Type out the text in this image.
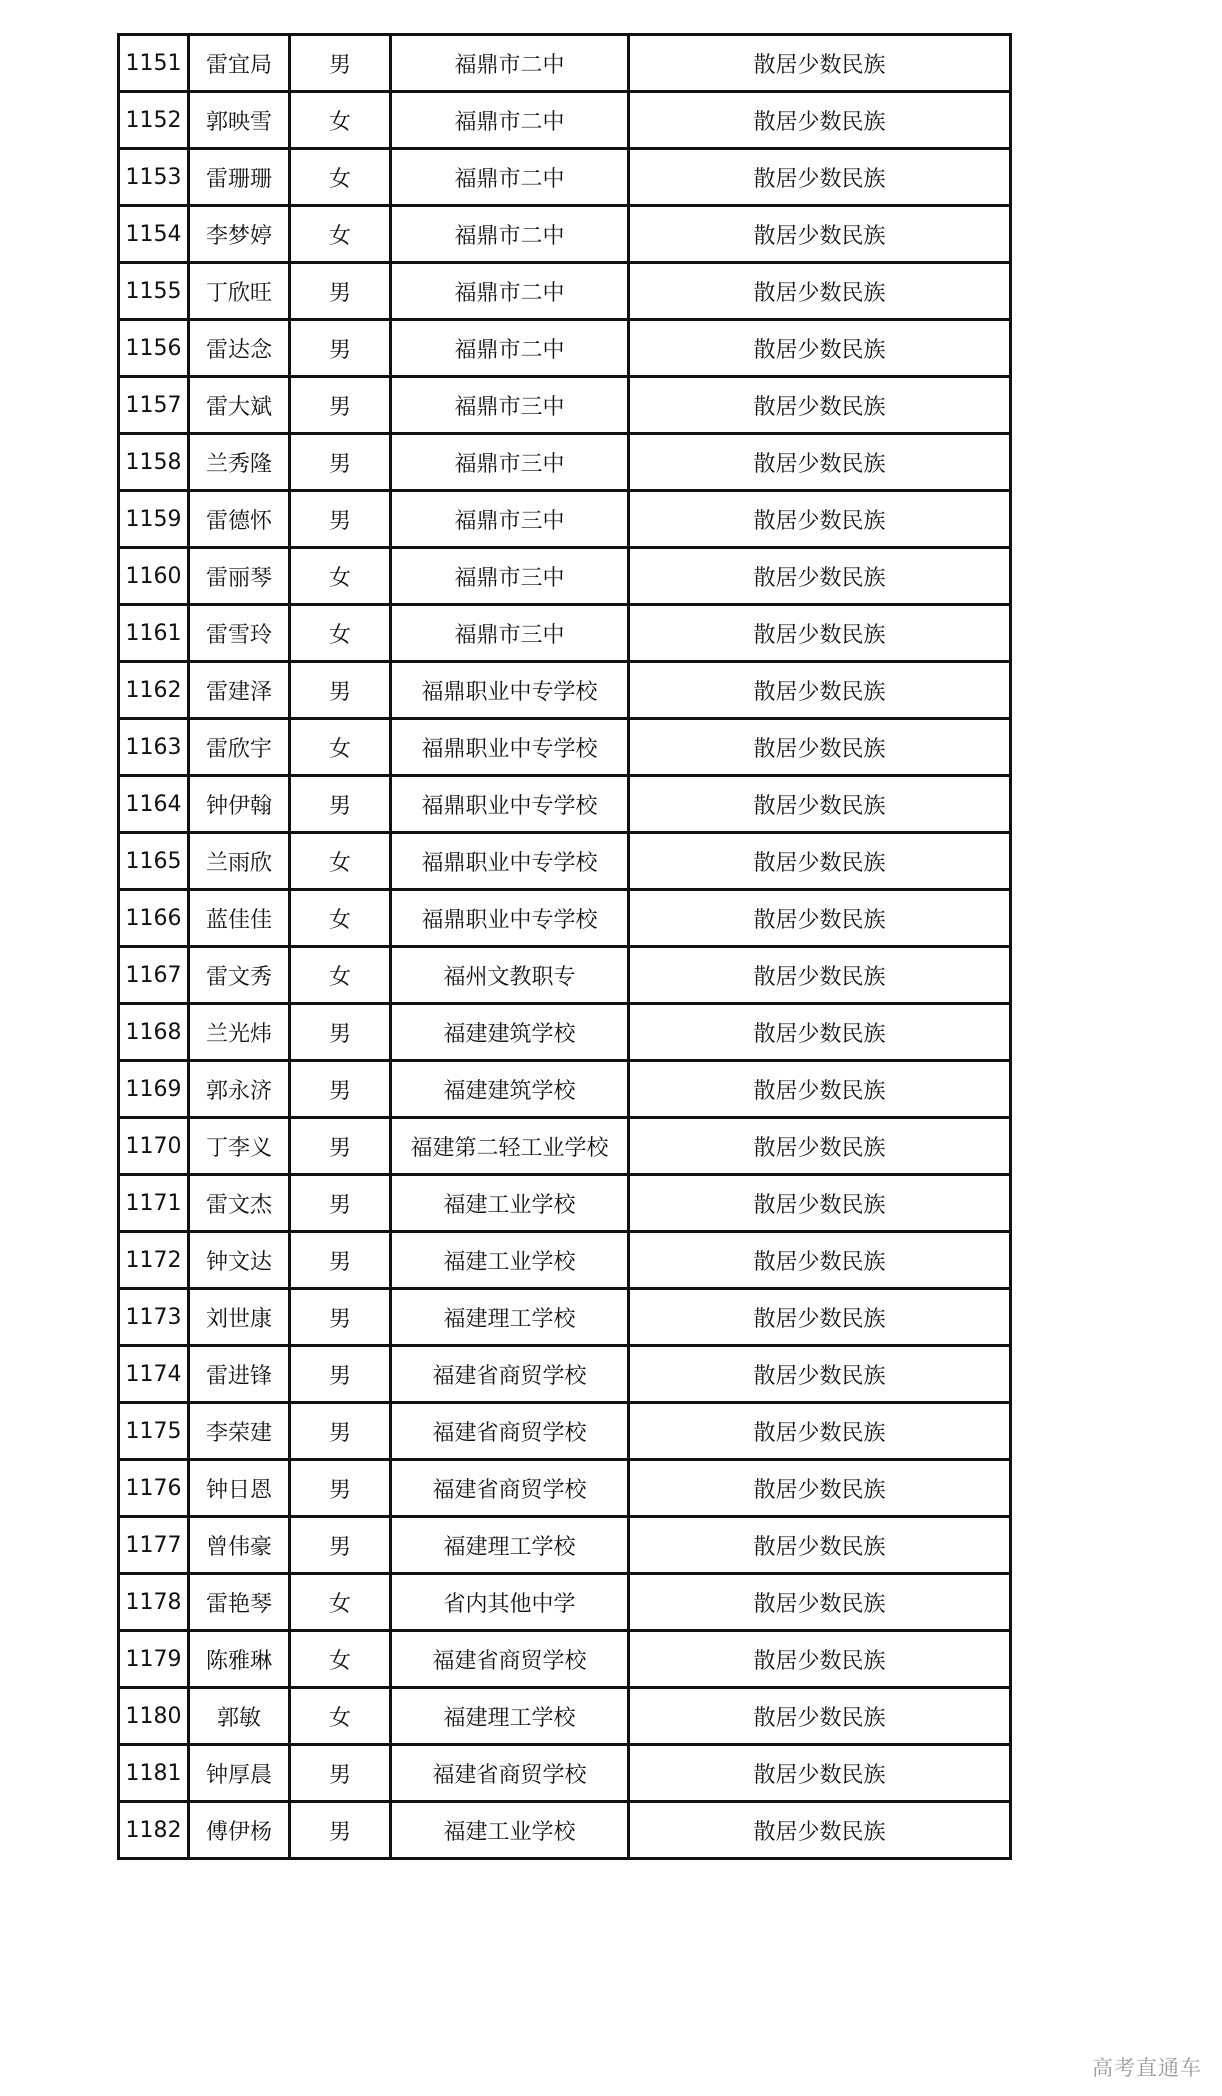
1151	雷宜局	男	福鼎市二中	散居少数民族
1152	郭映雪	女	福鼎市二中	散居少数民族
1153	雷珊珊	女	福鼎市二中	散居少数民族
1154	李梦婷	女	福鼎市二中	散居少数民族
1155	丁欣旺	男	福鼎市二中	散居少数民族
1156	雷达念	男	福鼎市二中	散居少数民族
1157	雷大斌	男	福鼎市三中	散居少数民族
1158	兰秀隆	男	福鼎市三中	散居少数民族
1159	雷德怀	男	福鼎市三中	散居少数民族
1160	雷丽琴	女	福鼎市三中	散居少数民族
1161	雷雪玲	女	福鼎市三中	散居少数民族
1162	雷建泽	男	福鼎职业中专学校	散居少数民族
1163	雷欣宇	女	福鼎职业中专学校	散居少数民族
1164	钟伊翰	男	福鼎职业中专学校	散居少数民族
1165	兰雨欣	女	福鼎职业中专学校	散居少数民族
1166	蓝佳佳	女	福鼎职业中专学校	散居少数民族
1167	雷文秀	女	福州文教职专	散居少数民族
1168	兰光炜	男	福建建筑学校	散居少数民族
1169	郭永济	男	福建建筑学校	散居少数民族
1170	丁李义	男	福建第二轻工业学校	散居少数民族
1171	雷文杰	男	福建工业学校	散居少数民族
1172	钟文达	男	福建工业学校	散居少数民族
1173	刘世康	男	福建理工学校	散居少数民族
1174	雷进锋	男	福建省商贸学校	散居少数民族
1175	李荣建	男	福建省商贸学校	散居少数民族
1176	钟日恩	男	福建省商贸学校	散居少数民族
1177	曾伟豪	男	福建理工学校	散居少数民族
1178	雷艳琴	女	省内其他中学	散居少数民族
1179	陈雅琳	女	福建省商贸学校	散居少数民族
1180	郭敏	女	福建理工学校	散居少数民族
1181	钟厚晨	男	福建省商贸学校	散居少数民族
1182	傅伊杨	男	福建工业学校	散居少数民族
高考直通车
